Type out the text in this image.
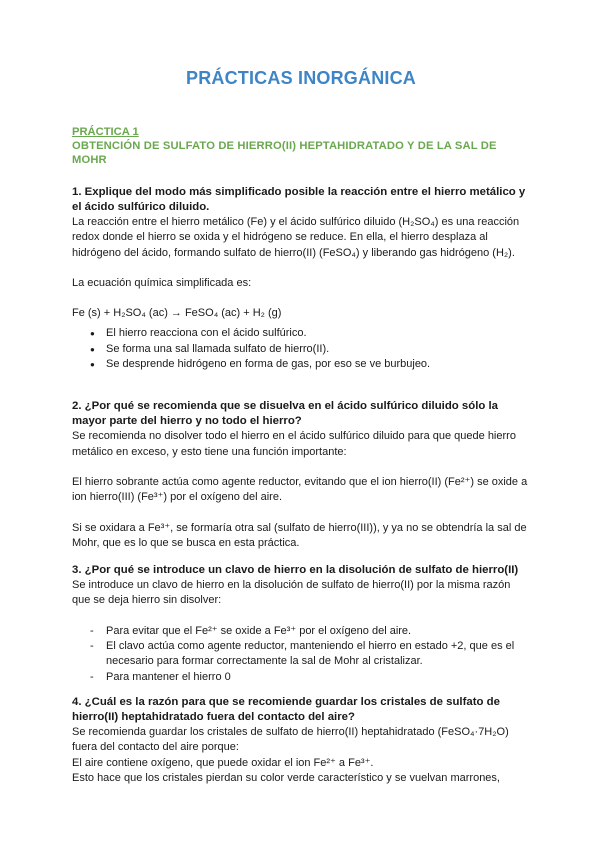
PRÁCTICAS INORGÁNICA
PRÁCTICA 1
OBTENCIÓN DE SULFATO DE HIERRO(II) HEPTAHIDRATADO Y DE LA SAL DE MOHR

1. Explique del modo más simplificado posible la reacción entre el hierro metálico y el ácido sulfúrico diluido.

La reacción entre el hierro metálico (Fe) y el ácido sulfúrico diluido (H₂SO₄) es una reacción redox donde el hierro se oxida y el hidrógeno se reduce. En ella, el hierro desplaza al hidrógeno del ácido, formando sulfato de hierro(II) (FeSO₄) y liberando gas hidrógeno (H₂).

La ecuación química simplificada es:

Fe (s) + H₂SO₄ (ac) → FeSO₄ (ac) + H₂ (g)

● El hierro reacciona con el ácido sulfúrico.
● Se forma una sal llamada sulfato de hierro(II).
● Se desprende hidrógeno en forma de gas, por eso se ve burbujeo.

2. ¿Por qué se recomienda que se disuelva en el ácido sulfúrico diluido sólo la mayor parte del hierro y no todo el hierro?

Se recomienda no disolver todo el hierro en el ácido sulfúrico diluido para que quede hierro metálico en exceso, y esto tiene una función importante:

El hierro sobrante actúa como agente reductor, evitando que el ion hierro(II) (Fe²⁺) se oxide a ion hierro(III) (Fe³⁺) por el oxígeno del aire.

Si se oxidara a Fe³⁺, se formaría otra sal (sulfato de hierro(III)), y ya no se obtendría la sal de Mohr, que es lo que se busca en esta práctica.

3. ¿Por qué se introduce un clavo de hierro en la disolución de sulfato de hierro(II)

Se introduce un clavo de hierro en la disolución de sulfato de hierro(II) por la misma razón que se deja hierro sin disolver:

- Para evitar que el Fe²⁺ se oxide a Fe³⁺ por el oxígeno del aire.
- El clavo actúa como agente reductor, manteniendo el hierro en estado +2, que es el necesario para formar correctamente la sal de Mohr al cristalizar.
- Para mantener el hierro 0

4. ¿Cuál es la razón para que se recomiende guardar los cristales de sulfato de hierro(II) heptahidratado fuera del contacto del aire?

Se recomienda guardar los cristales de sulfato de hierro(II) heptahidratado (FeSO₄·7H₂O) fuera del contacto del aire porque:

El aire contiene oxígeno, que puede oxidar el ion Fe²⁺ a Fe³⁺.

Esto hace que los cristales pierdan su color verde característico y se vuelvan marrones,
